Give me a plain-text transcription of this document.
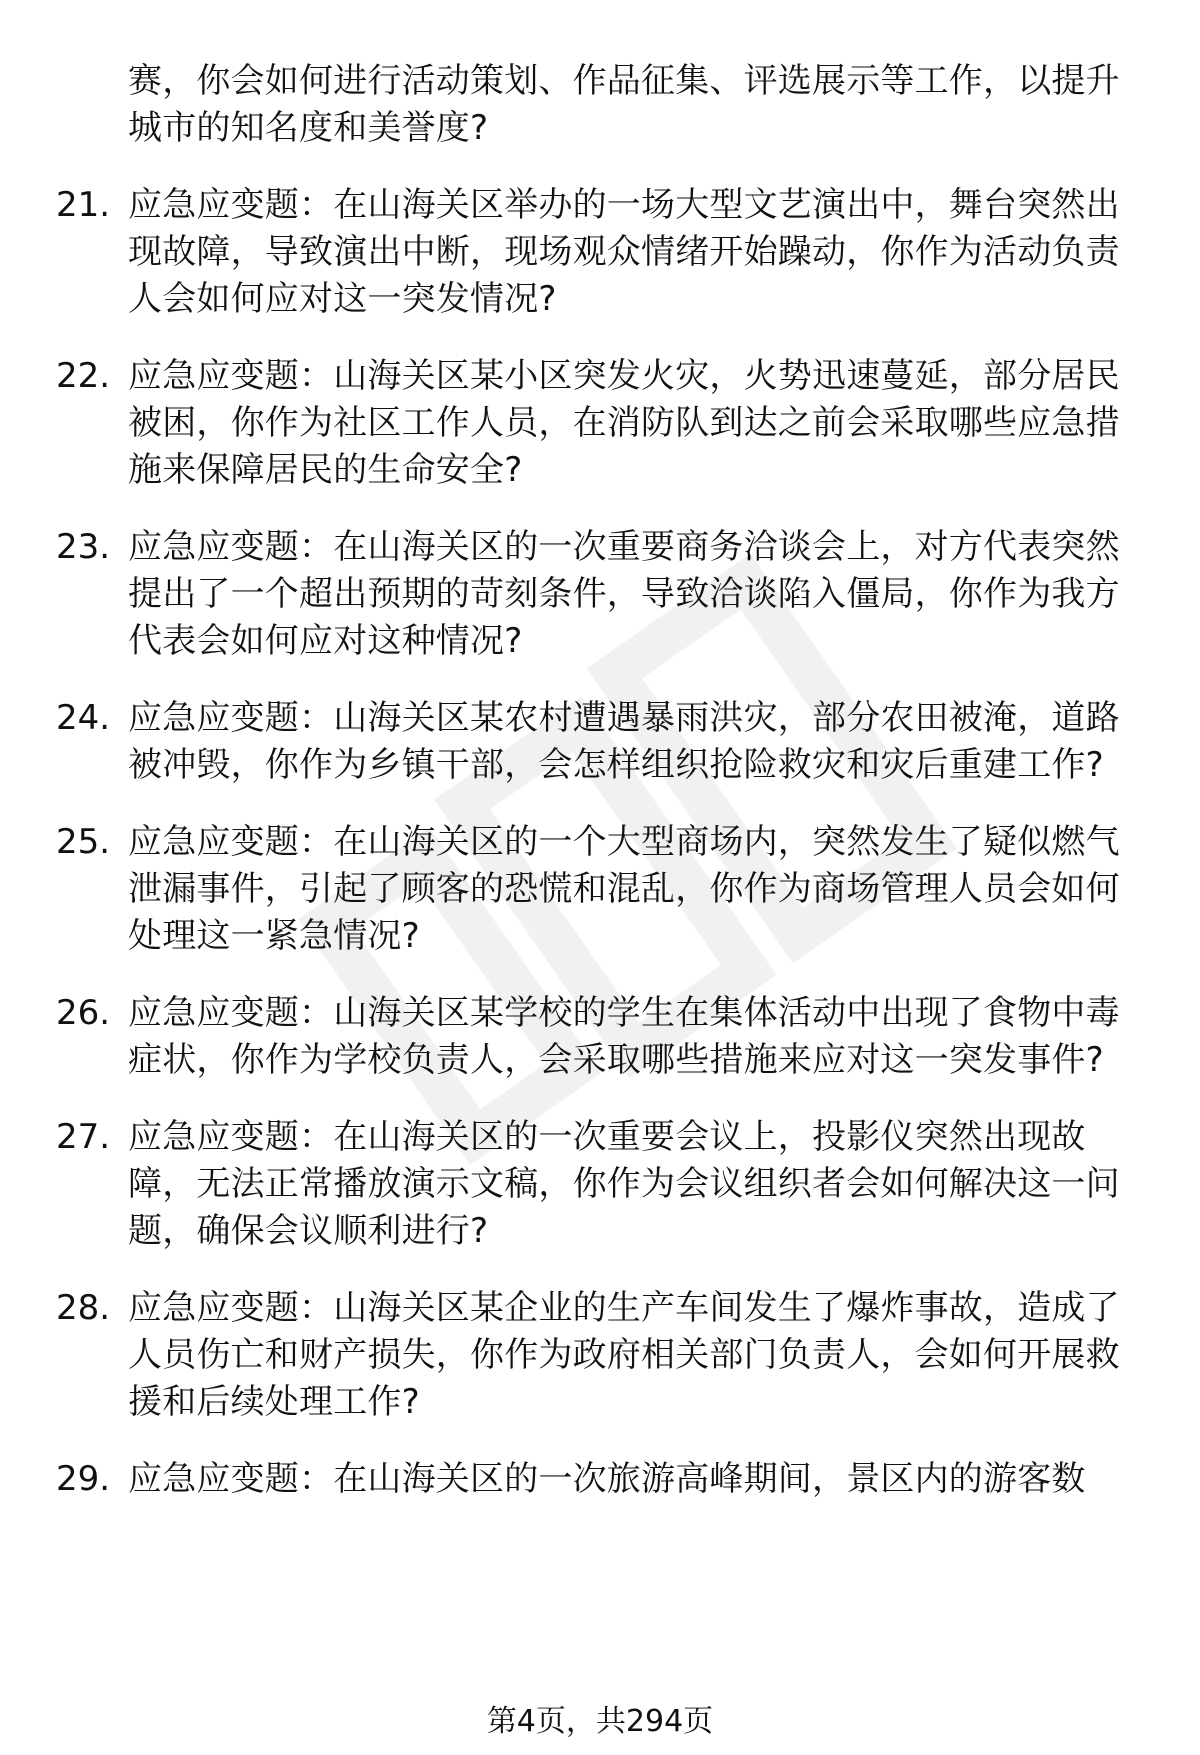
赛，你会如何进行活动策划、作品征集、评选展示等工作，以提升城市的知名度和美誉度?
21. 应急应变题：在山海关区举办的一场大型文艺演出中，舞台突然出现故障，导致演出中断，现场观众情绪开始躁动，你作为活动负责人会如何应对这一突发情况?
22. 应急应变题：山海关区某小区突发火灾，火势迅速蔓延，部分居民被困，你作为社区工作人员，在消防队到达之前会采取哪些应急措施来保障居民的生命安全?
23. 应急应变题：在山海关区的一次重要商务洽谈会上，对方代表突然提出了一个超出预期的苛刻条件，导致洽谈陷入僵局，你作为我方代表会如何应对这种情况?
24. 应急应变题：山海关区某农村遭遇暴雨洪灾，部分农田被淹，道路被冲毁，你作为乡镇干部，会怎样组织抢险救灾和灾后重建工作?
25. 应急应变题：在山海关区的一个大型商场内，突然发生了疑似燃气泄漏事件，引起了顾客的恐慌和混乱，你作为商场管理人员会如何处理这一紧急情况?
26. 应急应变题：山海关区某学校的学生在集体活动中出现了食物中毒症状，你作为学校负责人，会采取哪些措施来应对这一突发事件?
27. 应急应变题：在山海关区的一次重要会议上，投影仪突然出现故障，无法正常播放演示文稿，你作为会议组织者会如何解决这一问题，确保会议顺利进行?
28. 应急应变题：山海关区某企业的生产车间发生了爆炸事故，造成了人员伤亡和财产损失，你作为政府相关部门负责人，会如何开展救援和后续处理工作?
29. 应急应变题：在山海关区的一次旅游高峰期间，景区内的游客数
第4页，共294页
